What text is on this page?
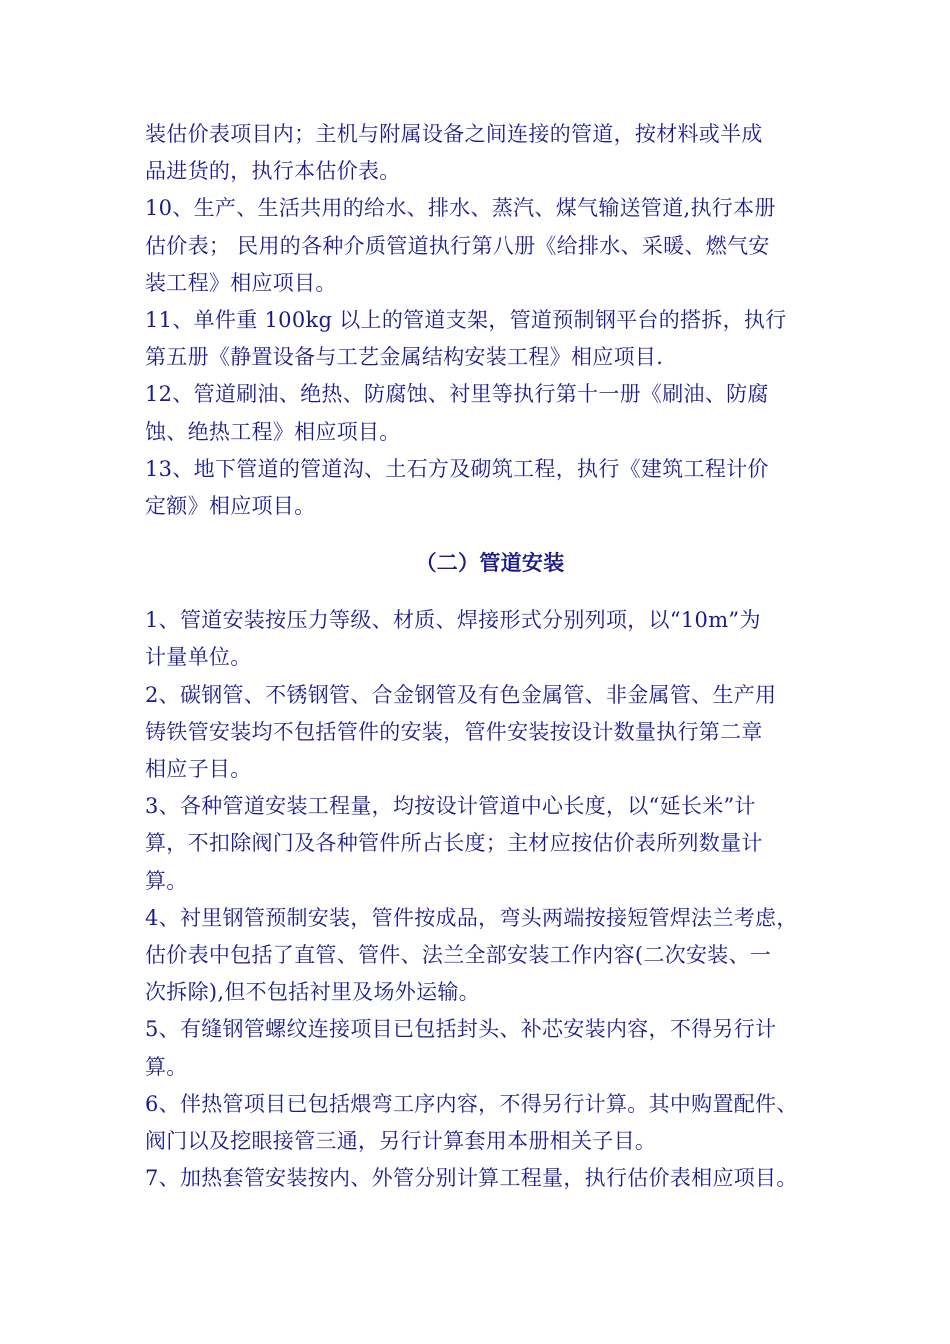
装估价表项目内；主机与附属设备之间连接的管道，按材料或半成
品进货的，执行本估价表。
10、生产、生活共用的给水、排水、蒸汽、煤气输送管道,执行本册
估价表； 民用的各种介质管道执行第八册《给排水、采暖、燃气安
装工程》相应项目。
11、单件重 100kg 以上的管道支架，管道预制钢平台的搭拆，执行
第五册《静置设备与工艺金属结构安装工程》相应项目.
12、管道刷油、绝热、防腐蚀、衬里等执行第十一册《刷油、防腐
蚀、绝热工程》相应项目。
13、地下管道的管道沟、土石方及砌筑工程，执行《建筑工程计价
定额》相应项目。
（二）管道安装
1、管道安装按压力等级、材质、焊接形式分别列项，以“10m”为
计量单位。
2、碳钢管、不锈钢管、合金钢管及有色金属管、非金属管、生产用
铸铁管安装均不包括管件的安装，管件安装按设计数量执行第二章
相应子目。
3、各种管道安装工程量，均按设计管道中心长度，以“延长米”计
算，不扣除阀门及各种管件所占长度；主材应按估价表所列数量计
算。
4、衬里钢管预制安装，管件按成品，弯头两端按接短管焊法兰考虑，
估价表中包括了直管、管件、法兰全部安装工作内容(二次安装、一
次拆除),但不包括衬里及场外运输。
5、有缝钢管螺纹连接项目已包括封头、补芯安装内容，不得另行计
算。
6、伴热管项目已包括煨弯工序内容，不得另行计算。其中购置配件、
阀门以及挖眼接管三通，另行计算套用本册相关子目。
7、加热套管安装按内、外管分别计算工程量，执行估价表相应项目。
